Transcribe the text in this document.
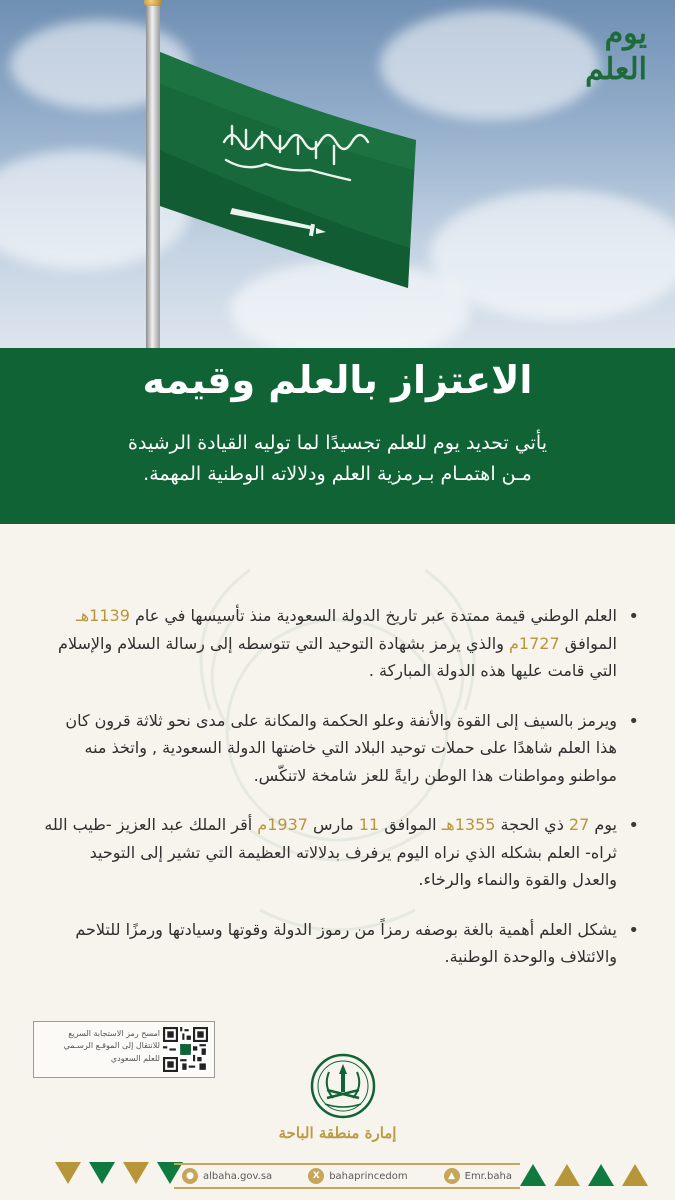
يوم العلم
الاعتزاز بالعلم وقيمه
يأتي تحديد يوم للعلم تجسيدًا لما توليه القيادة الرشيدة
مـن اهتمـام بـرمزية العلم ودلالاته الوطنية المهمة.
• العلم الوطني قيمة ممتدة عبر تاريخ الدولة السعودية منذ تأسيسها في عام 1139هـ الموافق 1727م والذي يرمز بشهادة التوحيد التي تتوسطه إلى رسالة السلام والإسلام التي قامت عليها هذه الدولة المباركة .
• ويرمز بالسيف إلى القوة والأنفة وعلو الحكمة والمكانة على مدى نحو ثلاثة قرون كان هذا العلم شاهدًا على حملات توحيد البلاد التي خاضتها الدولة السعودية , واتخذ منه مواطنو ومواطنات هذا الوطن رايةً للعز شامخة لاتنكّس.
• يوم 27 ذي الحجة 1355هـ الموافق 11 مارس 1937م أقر الملك عبد العزيز -طيب الله ثراه- العلم بشكله الذي نراه اليوم يرفرف بدلالاته العظيمة التي تشير إلى التوحيد والعدل والقوة والنماء والرخاء.
• يشكل العلم أهمية بالغة بوصفه رمزاً من رموز الدولة وقوتها وسيادتها ورمزًا للتلاحم والائتلاف والوحدة الوطنية.
امسح رمز الاستجابة السريع
للانتقال إلى الموقـع الرسـمي
للعلم السعودي
إمارة منطقة الباحة
● albaha.gov.sa	X bahaprincedom	▲ Emr.baha
